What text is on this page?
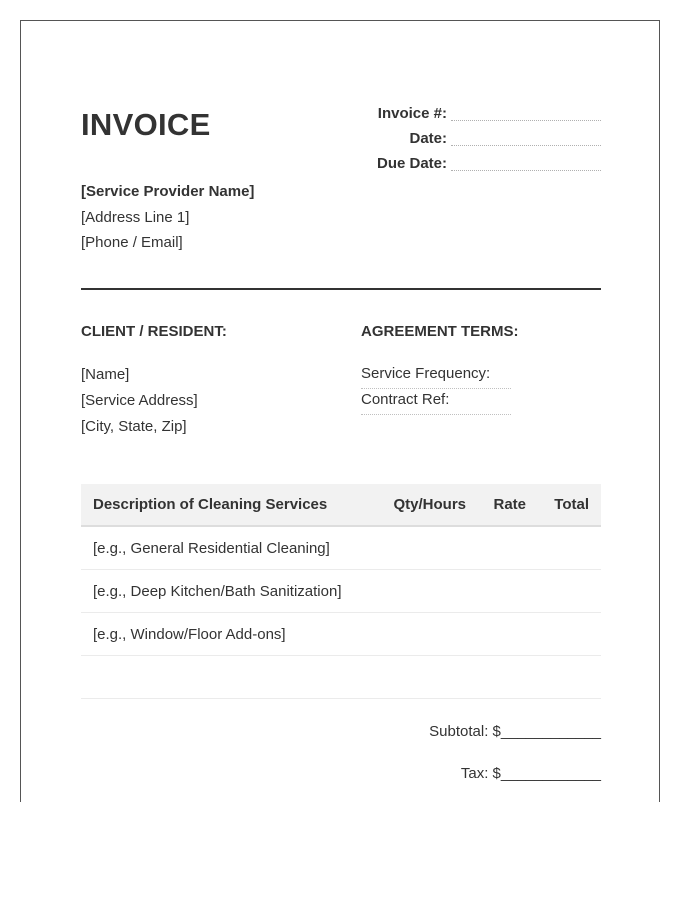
INVOICE	Invoice #:
Date:
Due Date:
[Service Provider Name]
[Address Line 1]
[Phone / Email]
CLIENT / RESIDENT:	AGREEMENT TERMS:
[Name]
[Service Address]
[City, State, Zip]
Service Frequency:
Contract Ref:
Description of Cleaning Services	Qty/Hours	Rate	Total
[e.g., General Residential Cleaning]			
[e.g., Deep Kitchen/Bath Sanitization]			
[e.g., Window/Floor Add-ons]			

Subtotal: $____________
Tax: $____________
